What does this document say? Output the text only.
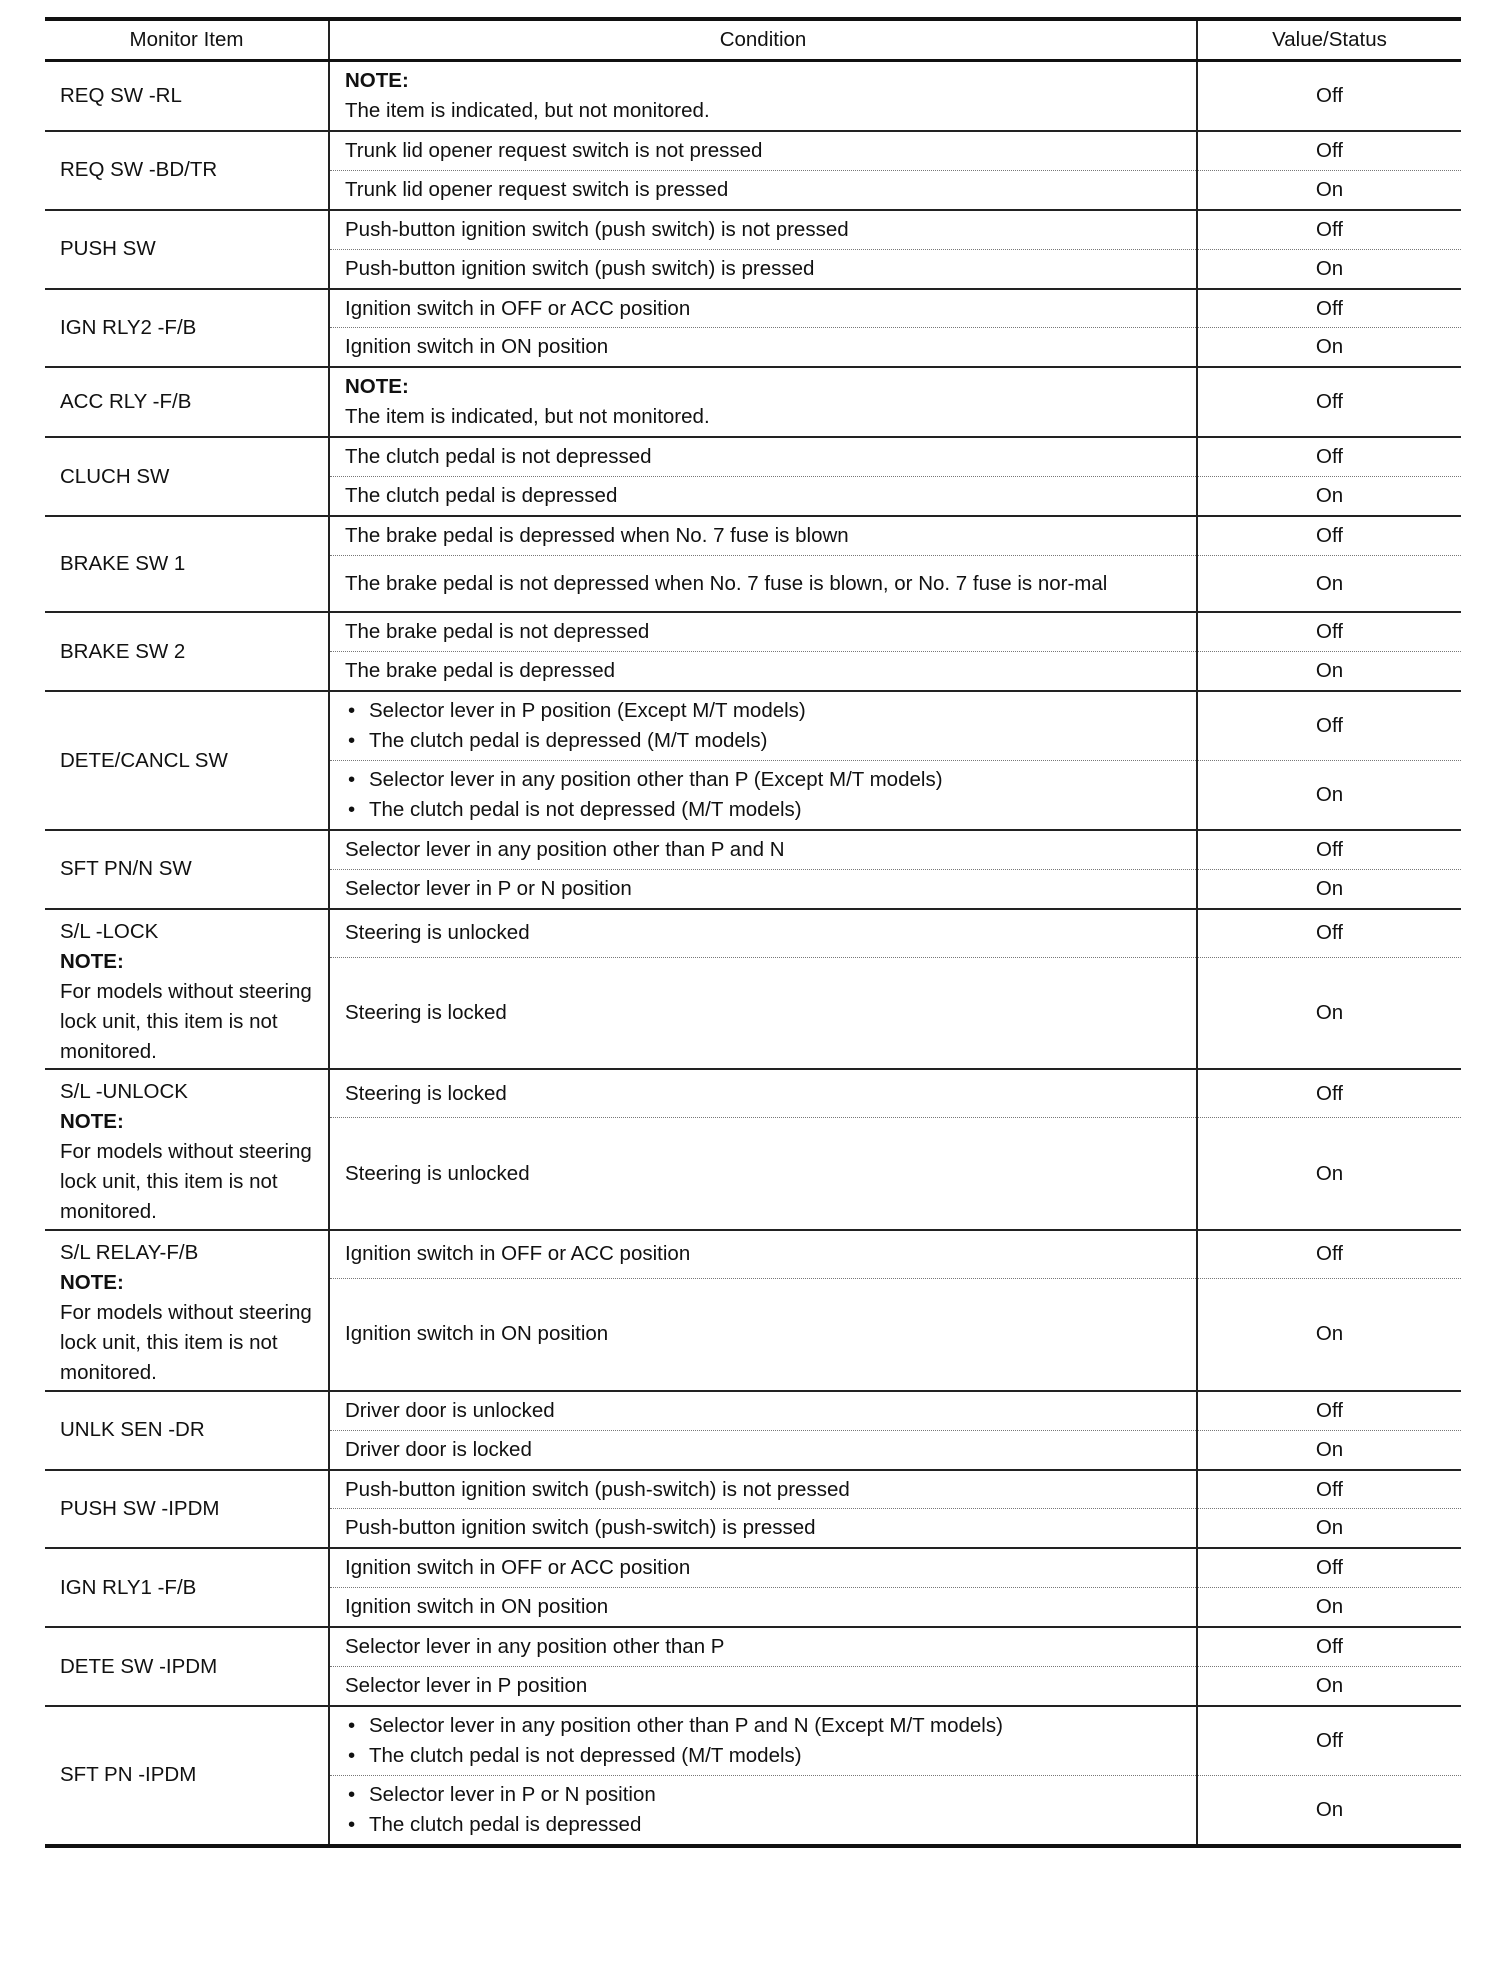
Monitor Item	Condition	Value/Status

REQ SW -RL	NOTE:
The item is indicated, but not monitored.	Off

REQ SW -BD/TR	Trunk lid opener request switch is not pressed	Off

	Trunk lid opener request switch is pressed	On

PUSH SW	Push-button ignition switch (push switch) is not pressed	Off

	Push-button ignition switch (push switch) is pressed	On

IGN RLY2 -F/B	Ignition switch in OFF or ACC position	Off

	Ignition switch in ON position	On

ACC RLY -F/B	NOTE:
The item is indicated, but not monitored.	Off

CLUCH SW	The clutch pedal is not depressed	Off

	The clutch pedal is depressed	On

BRAKE SW 1	The brake pedal is depressed when No. 7 fuse is blown	Off

	The brake pedal is not depressed when No. 7 fuse is blown, or No. 7 fuse is nor-mal	On

BRAKE SW 2	The brake pedal is not depressed	Off

	The brake pedal is depressed	On

DETE/CANCL SW	• Selector lever in P position (Except M/T models)
• The clutch pedal is depressed (M/T models)	Off

	• Selector lever in any position other than P (Except M/T models)
• The clutch pedal is not depressed (M/T models)	On

SFT PN/N SW	Selector lever in any position other than P and N	Off

	Selector lever in P or N position	On

S/L -LOCK
NOTE:
For models without steering lock unit, this item is not monitored.	Steering is unlocked	Off

	Steering is locked	On

S/L -UNLOCK
NOTE:
For models without steering lock unit, this item is not monitored.	Steering is locked	Off

	Steering is unlocked	On

S/L RELAY-F/B
NOTE:
For models without steering lock unit, this item is not monitored.	Ignition switch in OFF or ACC position	Off

	Ignition switch in ON position	On

UNLK SEN -DR	Driver door is unlocked	Off

	Driver door is locked	On

PUSH SW -IPDM	Push-button ignition switch (push-switch) is not pressed	Off

	Push-button ignition switch (push-switch) is pressed	On

IGN RLY1 -F/B	Ignition switch in OFF or ACC position	Off

	Ignition switch in ON position	On

DETE SW -IPDM	Selector lever in any position other than P	Off

	Selector lever in P position	On

SFT PN -IPDM	• Selector lever in any position other than P and N (Except M/T models)
• The clutch pedal is not depressed (M/T models)	Off

	• Selector lever in P or N position
• The clutch pedal is depressed	On
